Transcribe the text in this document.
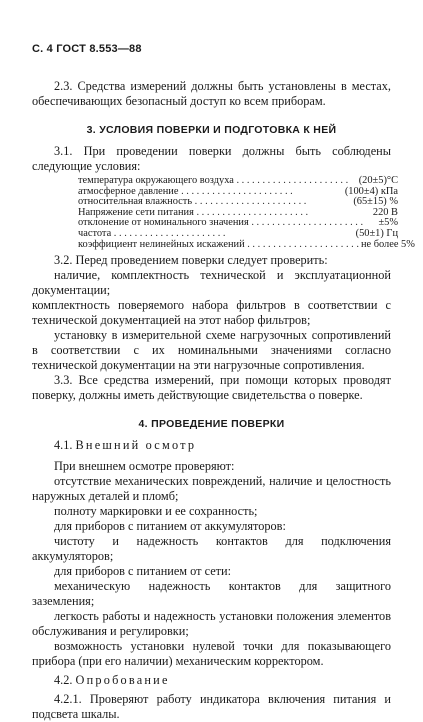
С. 4 ГОСТ 8.553—88

2.3. Средства измерений должны быть установлены в местах, обеспечивающих безопасный доступ ко всем приборам.

3. УСЛОВИЯ ПОВЕРКИ И ПОДГОТОВКА К НЕЙ

3.1. При проведении поверки должны быть соблюдены следующие условия:

температура окружающего воздуха . . . . . . . . . . . . . . . . . . . . . .	(20±5)°С
атмосферное давление . . . . . . . . . . . . . . . . . . . . . .	(100±4) кПа
относительная влажность . . . . . . . . . . . . . . . . . . . . . .	(65±15) %
Напряжение сети питания . . . . . . . . . . . . . . . . . . . . . .	220 В
отклонение от номинального значения . . . . . . . . . . . . . . . . . . . . . .	±5%
частота . . . . . . . . . . . . . . . . . . . . . .	(50±1) Гц
коэффициент нелинейных искажений . . . . . . . . . . . . . . . . . . . . . . не более 5%

3.2. Перед проведением поверки следует проверить:

наличие, комплектность технической и эксплуатационной документации;

комплектность поверяемого набора фильтров в соответствии с технической документацией на этот набор фильтров;

установку в измерительной схеме нагрузочных сопротивлений в соответствии с их номинальными значениями согласно технической документации на эти нагрузочные сопротивления.

3.3. Все средства измерений, при помощи которых проводят поверку, должны иметь действующие свидетельства о поверке.

4. ПРОВЕДЕНИЕ ПОВЕРКИ

4.1. Внешний осмотр

При внешнем осмотре проверяют:

отсутствие механических повреждений, наличие и целостность наружных деталей и пломб;

полноту маркировки и ее сохранность;

для приборов с питанием от аккумуляторов:

чистоту и надежность контактов для подключения аккумуляторов;

для приборов с питанием от сети:

механическую надежность контактов для защитного заземления;

легкость работы и надежность установки положения элементов обслуживания и регулировки;

возможность установки нулевой точки для показывающего прибора (при его наличии) механическим корректором.

4.2. Опробование

4.2.1. Проверяют работу индикатора включения питания и подсвета шкалы.
